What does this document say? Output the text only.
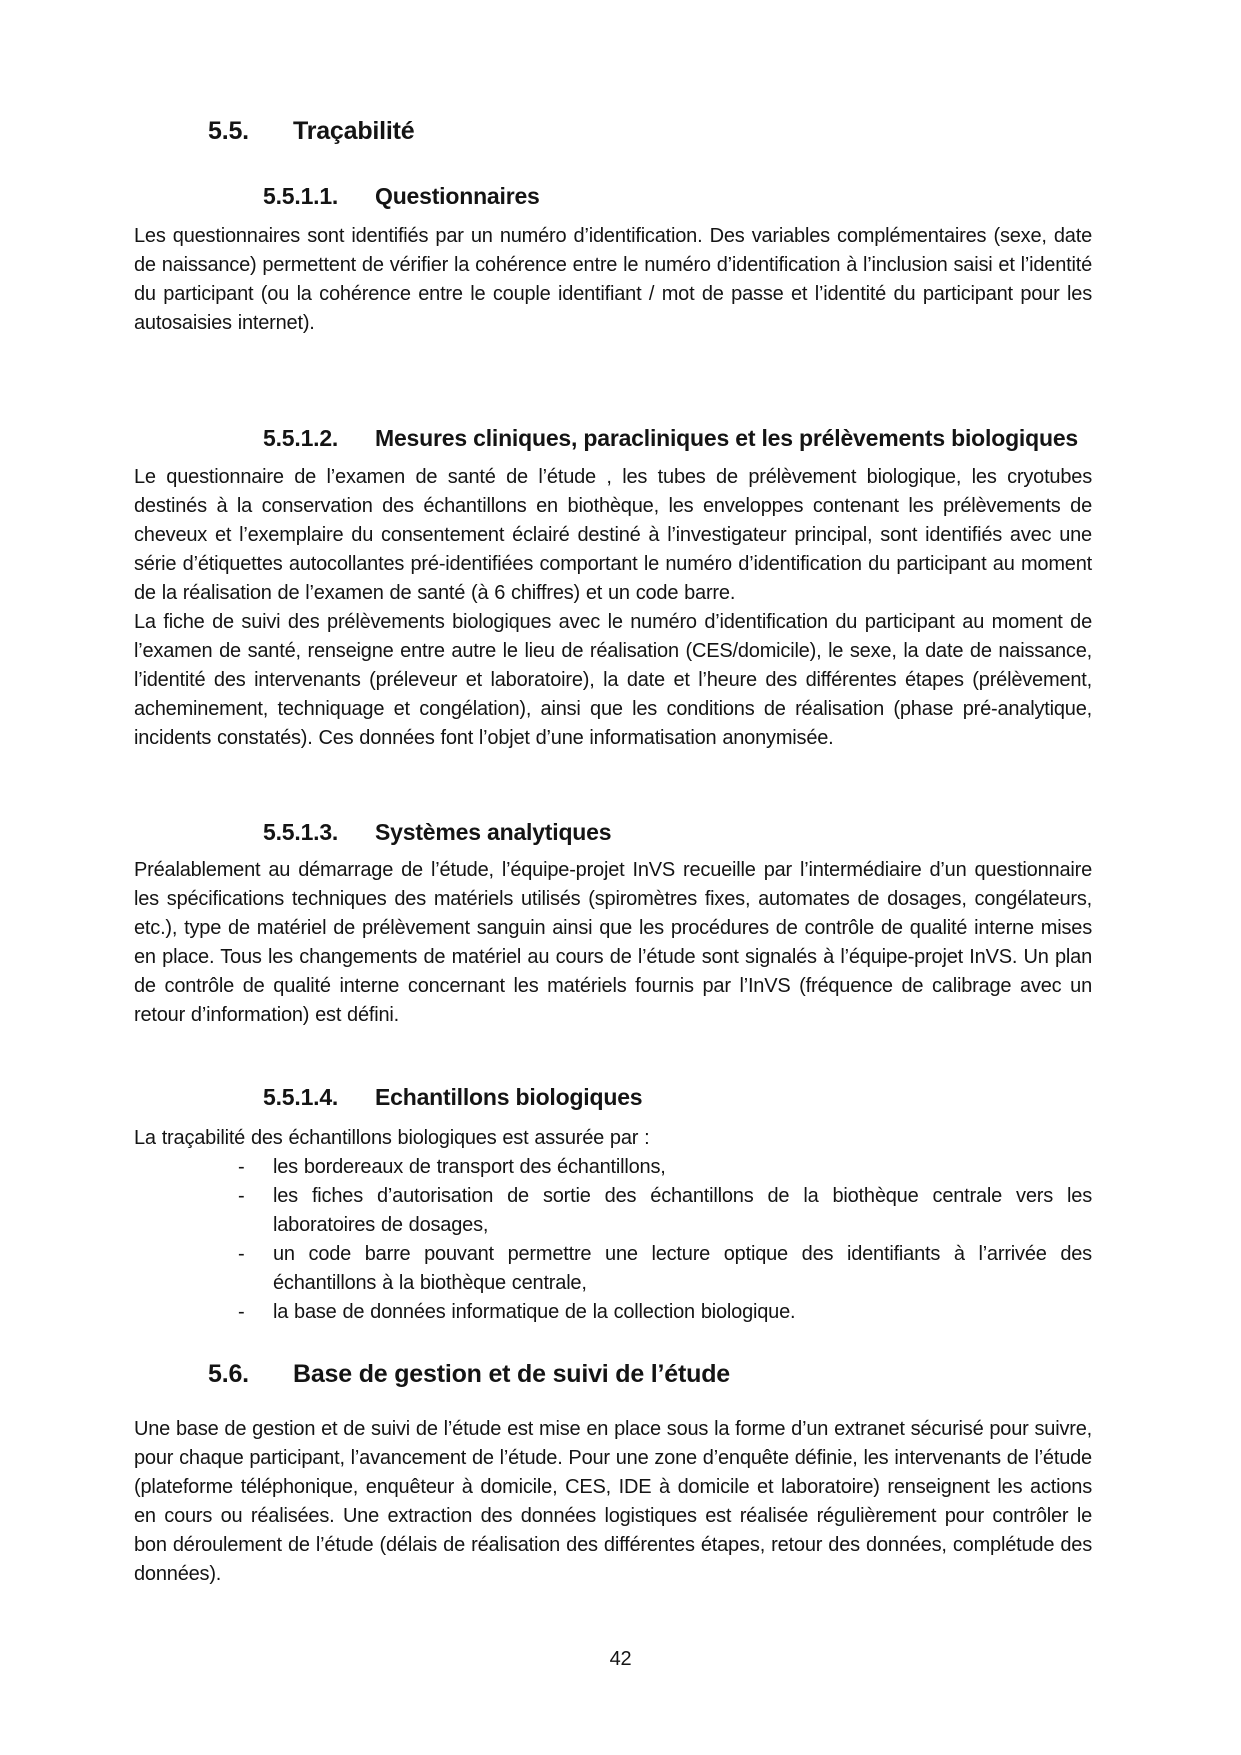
5.5.	Traçabilité
5.5.1.1.	Questionnaires

Les questionnaires sont identifiés par un numéro d’identification. Des variables complémentaires (sexe, date de naissance) permettent de vérifier la cohérence entre le numéro d’identification à l’inclusion saisi et l’identité du participant (ou la cohérence entre le couple identifiant / mot de passe et l’identité du participant pour les autosaisies internet).

5.5.1.2.	Mesures cliniques, paracliniques et les prélèvements biologiques

Le questionnaire de l’examen de santé de l’étude , les tubes de prélèvement biologique, les cryotubes destinés à la conservation des échantillons en biothèque, les enveloppes contenant les prélèvements de cheveux et l’exemplaire du consentement éclairé destiné à l’investigateur principal, sont identifiés avec une série d’étiquettes autocollantes pré-identifiées comportant le numéro d’identification du participant au moment de la réalisation de l’examen de santé (à 6 chiffres) et un code barre.

La fiche de suivi des prélèvements biologiques avec le numéro d’identification du participant au moment de l’examen de santé, renseigne entre autre le lieu de réalisation (CES/domicile), le sexe, la date de naissance, l’identité des intervenants (préleveur et laboratoire), la date et l’heure des différentes étapes (prélèvement, acheminement, techniquage et congélation), ainsi que les conditions de réalisation (phase pré-analytique, incidents constatés). Ces données font l’objet d’une informatisation anonymisée.

5.5.1.3.	Systèmes analytiques

Préalablement au démarrage de l’étude, l’équipe-projet InVS recueille par l’intermédiaire d’un questionnaire les spécifications techniques des matériels utilisés (spiromètres fixes, automates de dosages, congélateurs, etc.), type de matériel de prélèvement sanguin ainsi que les procédures de contrôle de qualité interne mises en place. Tous les changements de matériel au cours de l’étude sont signalés à l’équipe-projet InVS. Un plan de contrôle de qualité interne concernant les matériels fournis par l’InVS (fréquence de calibrage avec un retour d’information) est défini.

5.5.1.4.	Echantillons biologiques

La traçabilité des échantillons biologiques est assurée par :

-	les bordereaux de transport des échantillons,
-	les fiches d’autorisation de sortie des échantillons de la biothèque centrale vers les laboratoires de dosages,
-	un code barre pouvant permettre une lecture optique des identifiants à l’arrivée des échantillons à la biothèque centrale,
-	la base de données informatique de la collection biologique.
5.6.	Base de gestion et de suivi de l’étude

Une base de gestion et de suivi de l’étude est mise en place sous la forme d’un extranet sécurisé pour suivre, pour chaque participant, l’avancement de l’étude. Pour une zone d’enquête définie, les intervenants de l’étude (plateforme téléphonique, enquêteur à domicile, CES, IDE à domicile et laboratoire) renseignent les actions en cours ou réalisées. Une extraction des données logistiques est réalisée régulièrement pour contrôler le bon déroulement de l’étude (délais de réalisation des différentes étapes, retour des données, complétude des données).

42
